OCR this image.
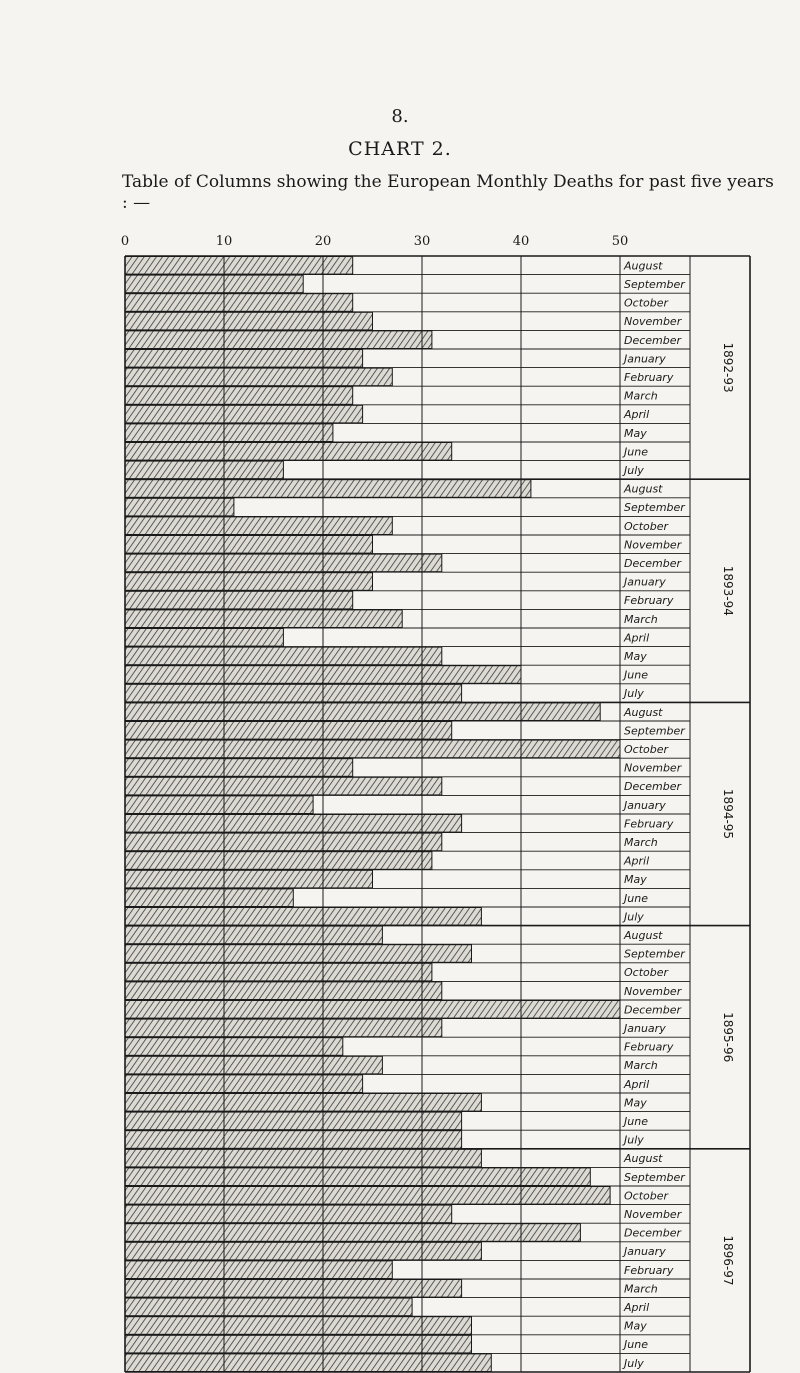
8.
CHART 2.
Table of Columns showing the European Monthly Deaths for past five years : —
0	10	20	30	40	50
August
September
October
November
December
January
February
March
April
May
June
July
August
September
October
November
December
January
February
March
April
May
June
July
August
September
October
November
December
January
February
March
April
May
June
July
August
September
October
November
December
January
February
March
April
May
June
July
August
September
October
November
December
January
February
March
April
May
June
July
1892-93
1893-94
1894-95
1895-96
1896-97
